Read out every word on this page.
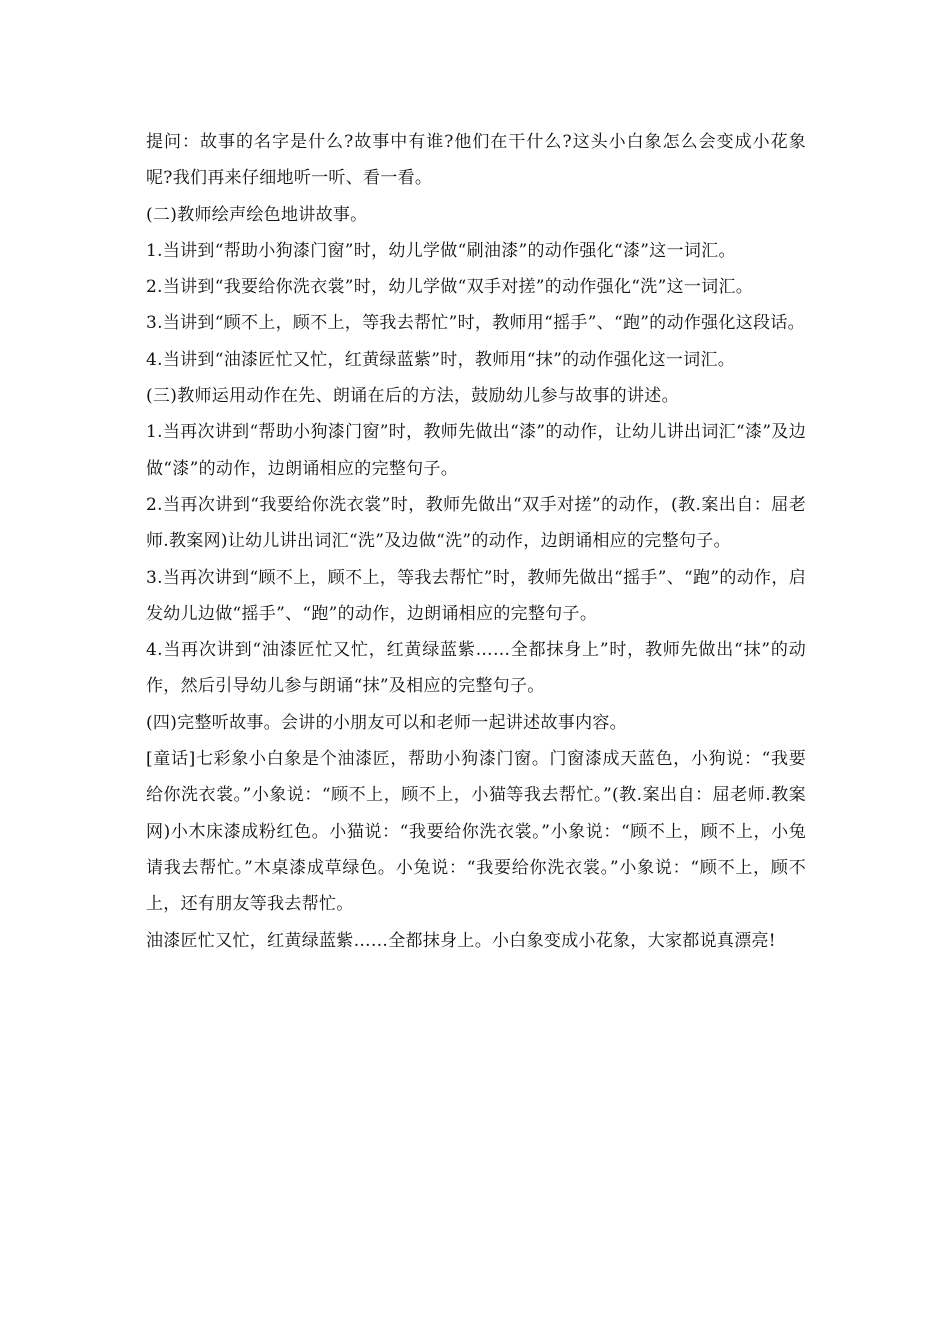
提问：故事的名字是什么?故事中有谁?他们在干什么?这头小白象怎么会变成小花象呢?我们再来仔细地听一听、看一看。

(二)教师绘声绘色地讲故事。

1.当讲到“帮助小狗漆门窗”时，幼儿学做“刷油漆”的动作强化“漆”这一词汇。

2.当讲到“我要给你洗衣裳”时，幼儿学做“双手对搓”的动作强化“洗”这一词汇。

3.当讲到“顾不上，顾不上，等我去帮忙”时，教师用“摇手”、“跑”的动作强化这段话。

4.当讲到“油漆匠忙又忙，红黄绿蓝紫”时，教师用“抹”的动作强化这一词汇。

(三)教师运用动作在先、朗诵在后的方法，鼓励幼儿参与故事的讲述。

1.当再次讲到“帮助小狗漆门窗”时，教师先做出“漆”的动作，让幼儿讲出词汇“漆”及边做“漆”的动作，边朗诵相应的完整句子。

2.当再次讲到“我要给你洗衣裳”时，教师先做出“双手对搓”的动作，(教.案出自：屈老师.教案网)让幼儿讲出词汇“洗”及边做“洗”的动作，边朗诵相应的完整句子。

3.当再次讲到“顾不上，顾不上，等我去帮忙”时，教师先做出“摇手”、“跑”的动作，启发幼儿边做“摇手”、“跑”的动作，边朗诵相应的完整句子。

4.当再次讲到“油漆匠忙又忙，红黄绿蓝紫……全都抹身上”时，教师先做出“抹”的动作，然后引导幼儿参与朗诵“抹”及相应的完整句子。

(四)完整听故事。会讲的小朋友可以和老师一起讲述故事内容。

[童话]七彩象小白象是个油漆匠，帮助小狗漆门窗。门窗漆成天蓝色，小狗说：“我要给你洗衣裳。”小象说：“顾不上，顾不上，小猫等我去帮忙。”(教.案出自：屈老师.教案网)小木床漆成粉红色。小猫说：“我要给你洗衣裳。”小象说：“顾不上，顾不上，小兔请我去帮忙。”木桌漆成草绿色。小兔说：“我要给你洗衣裳。”小象说：“顾不上，顾不上，还有朋友等我去帮忙。

油漆匠忙又忙，红黄绿蓝紫……全都抹身上。小白象变成小花象，大家都说真漂亮!
